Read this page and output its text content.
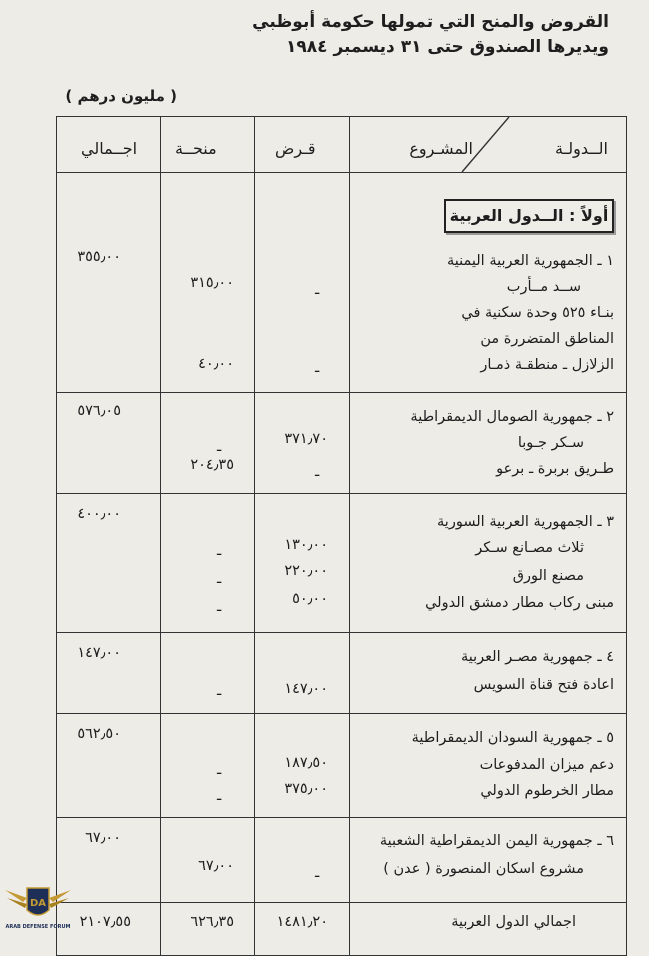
القروض والمنح التي تمولها حكومة أبوظبي
ويديرها الصندوق حتى ٣١ ديسمبر ١٩٨٤
( مليون درهم )
الــدولـة
المشـروع
قـرض
منحــة
اجــمالي
أولاً : الــدول العربية
١ ـ الجمهورية العربية اليمنية
٣٥٥٫٠٠
ســد مــأرب
ـ
٣١٥٫٠٠
بنـاء ٥٢٥ وحدة سكنية في
المناطق المتضررة من
الزلازل ـ منطقـة ذمـار
ـ
٤٠٫٠٠
٢ ـ جمهورية الصومال الديمقراطية
٥٧٦٫٠٥
سـكر جـوبا
٣٧١٫٧٠
ـ
طـريق بربرة ـ برعو
ـ
٢٠٤٫٣٥
٣ ـ الجمهورية العربية السورية
٤٠٠٫٠٠
ثلاث مصـانع سـكر
١٣٠٫٠٠
ـ
مصنع الورق
٢٢٠٫٠٠
ـ
مبنى ركاب مطار دمشق الدولي
٥٠٫٠٠
ـ
٤ ـ جمهورية مصـر العربية
١٤٧٫٠٠
اعادة فتح قناة السويس
١٤٧٫٠٠
ـ
٥ ـ جمهورية السودان الديمقراطية
٥٦٢٫٥٠
دعم ميزان المدفوعات
١٨٧٫٥٠
ـ
مطار الخرطوم الدولي
٣٧٥٫٠٠
ـ
٦ ـ جمهورية اليمن الديمقراطية الشعبية
٦٧٫٠٠
مشروع اسكان المنصورة ( عدن )
ـ
٦٧٫٠٠
اجمالي الدول العربية
١٤٨١٫٢٠
٦٢٦٫٣٥
٢١٠٧٫٥٥
DA
ARAB DEFENSE FORUM
